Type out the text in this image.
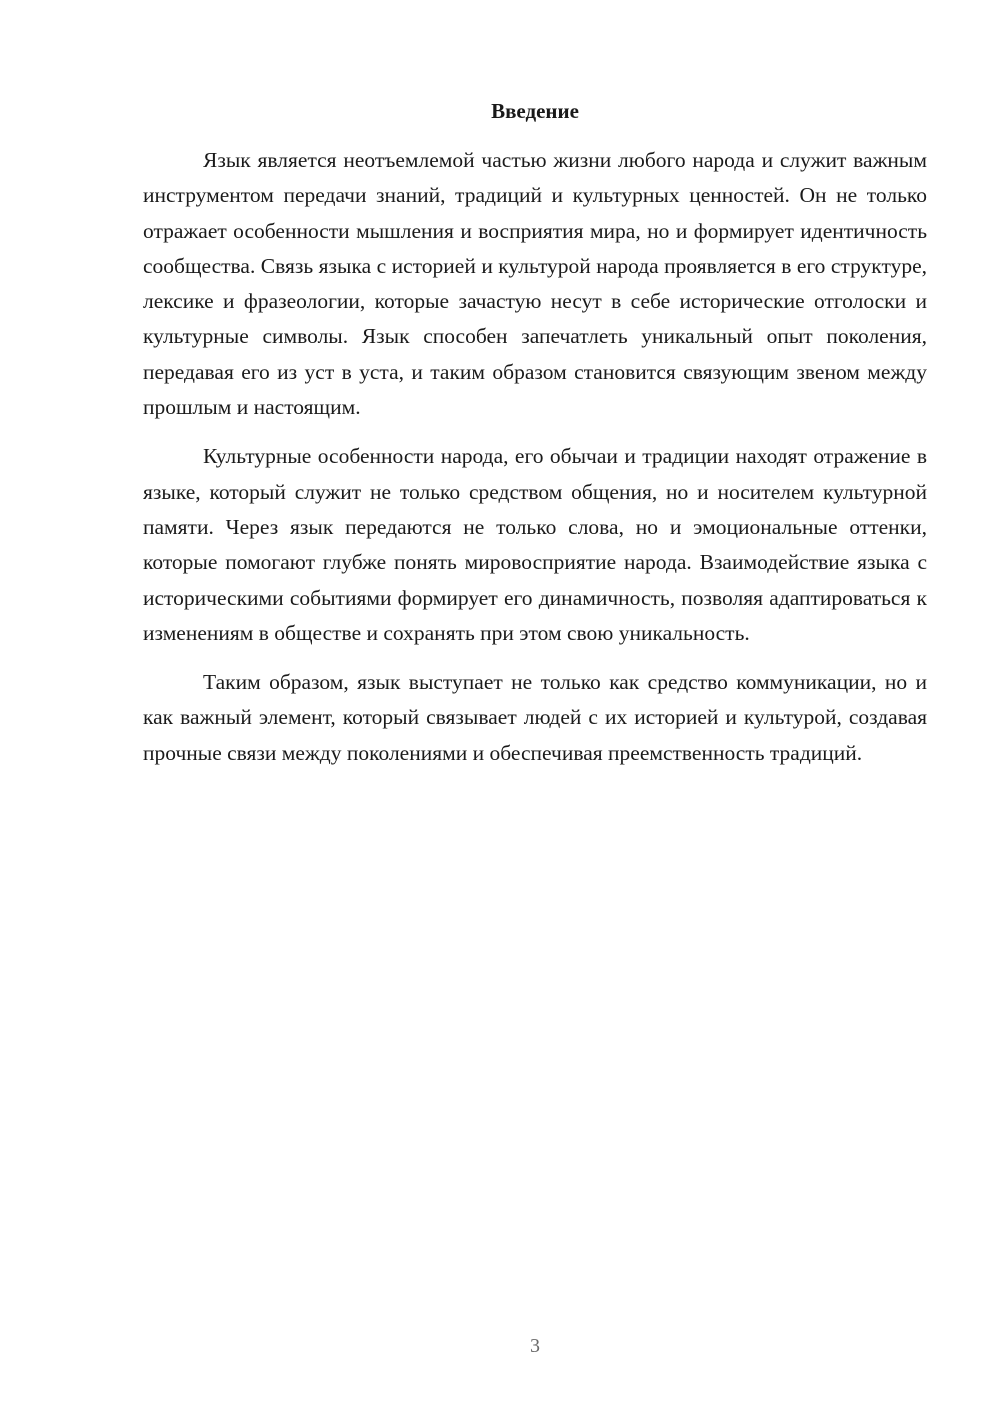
Введение

Язык является неотъемлемой частью жизни любого народа и служит важным инструментом передачи знаний, традиций и культурных ценностей. Он не только отражает особенности мышления и восприятия мира, но и формирует идентичность сообщества. Связь языка с историей и культурой народа проявляется в его структуре, лексике и фразеологии, которые зачастую несут в себе исторические отголоски и культурные символы. Язык способен запечатлеть уникальный опыт поколения, передавая его из уст в уста, и таким образом становится связующим звеном между прошлым и настоящим.

Культурные особенности народа, его обычаи и традиции находят отражение в языке, который служит не только средством общения, но и носителем культурной памяти. Через язык передаются не только слова, но и эмоциональные оттенки, которые помогают глубже понять мировосприятие народа. Взаимодействие языка с историческими событиями формирует его динамичность, позволяя адаптироваться к изменениям в обществе и сохранять при этом свою уникальность.

Таким образом, язык выступает не только как средство коммуникации, но и как важный элемент, который связывает людей с их историей и культурой, создавая прочные связи между поколениями и обеспечивая преемственность традиций.

3
